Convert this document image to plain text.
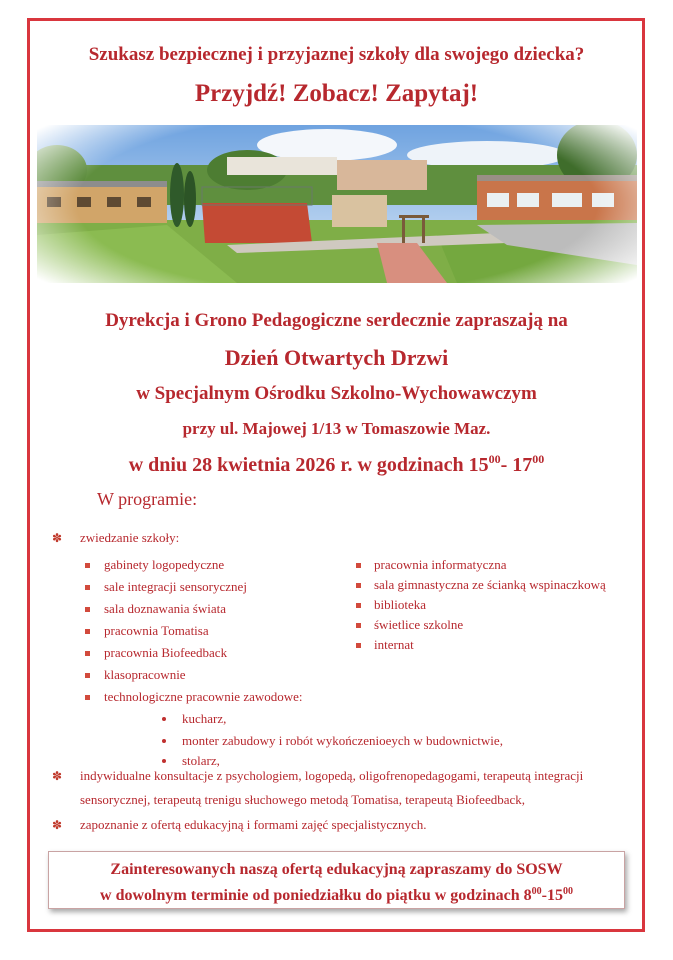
Szukasz bezpiecznej i przyjaznej szkoły dla swojego dziecka?
Przyjdź! Zobacz! Zapytaj!
Dyrekcja i Grono Pedagogiczne serdecznie zapraszają na
Dzień Otwartych Drzwi
w Specjalnym Ośrodku Szkolno-Wychowawczym
przy ul. Majowej 1/13 w Tomaszowie Maz.
w dniu 28 kwietnia 2026 r. w godzinach $15^{00}-$ $17^{00}$
W programie:
✽ zwiedzanie szkoły:
gabinety logopedyczne
sale integracji sensorycznej
sala doznawania świata
pracownia Tomatisa
pracownia Biofeedback
klasopracownie
technologiczne pracownie zawodowe:
pracownia informatyczna
sala gimnastyczna ze ścianką wspinaczkową
biblioteka
świetlice szkolne
internat
kucharz,
monter zabudowy i robót wykończenioeych w budownictwie,
stolarz,
✽ indywidualne konsultacje z psychologiem, logopedą, oligofrenopedagogami, terapeutą integracji
sensorycznej, terapeutą trenigu słuchowego metodą Tomatisa, terapeutą Biofeedback,
✽ zapoznanie z ofertą edukacyjną i formami zajęć specjalistycznych.
Zainteresowanych naszą ofertą edukacyjną zapraszamy do SOSW
w dowolnym terminie od poniedziałku do piątku w godzinach $8^{00}-15^{00}$
